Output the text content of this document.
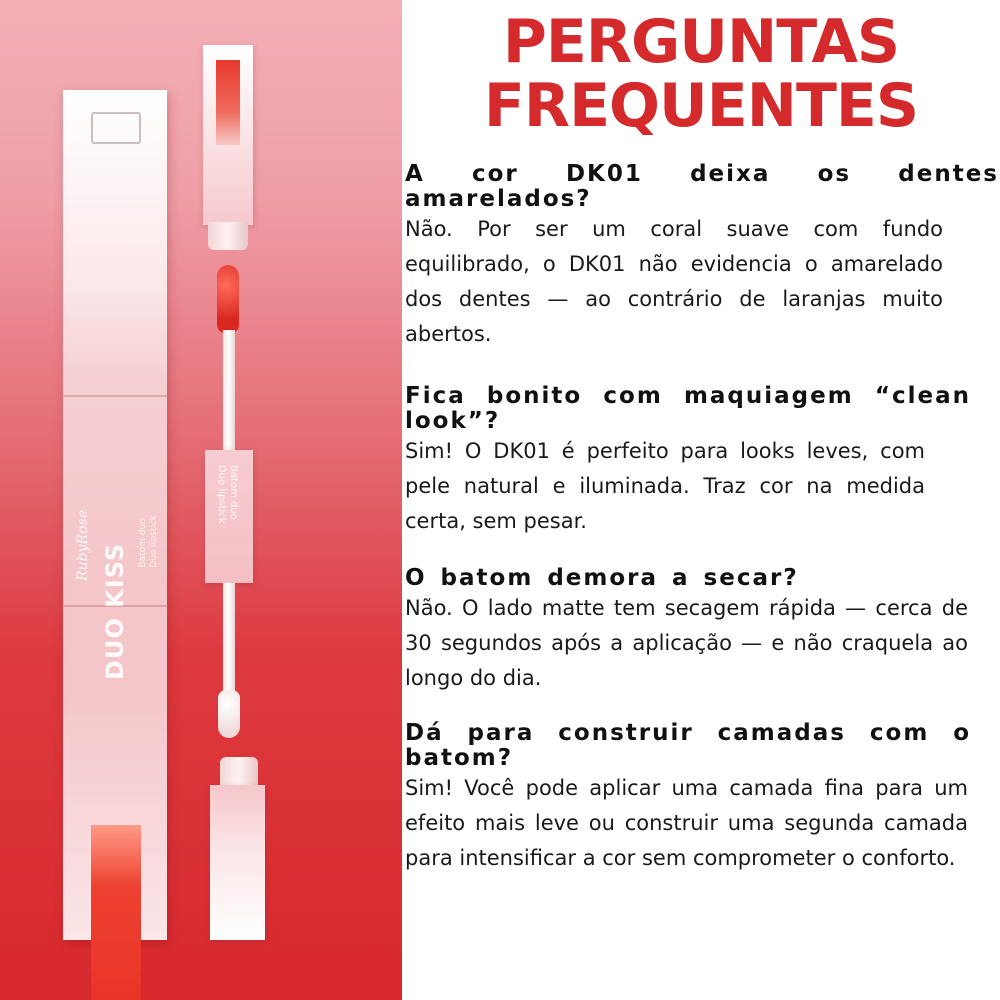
RubyRose DUO KISS	Batom duo
Duo lipstick
Batom duo
Duo lipstick
PERGUNTAS
FREQUENTES

A cor DK01 deixa os dentes amarelados?

Não. Por ser um coral suave com fundo equilibrado, o DK01 não evidencia o amarelado dos dentes — ao contrário de laranjas muito abertos.

Fica bonito com maquiagem “clean look”?

Sim! O DK01 é perfeito para looks leves, com pele natural e iluminada. Traz cor na medida certa, sem pesar.

O batom demora a secar?

Não. O lado matte tem secagem rápida — cerca de 30 segundos após a aplicação — e não craquela ao longo do dia.

Dá para construir camadas com o batom?

Sim! Você pode aplicar uma camada fina para um efeito mais leve ou construir uma segunda camada para intensificar a cor sem comprometer o conforto.
